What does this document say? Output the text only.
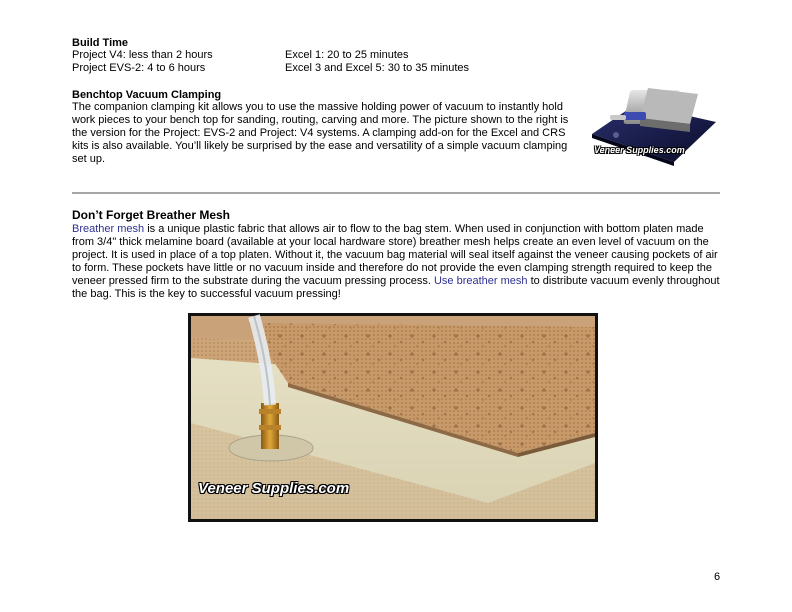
Build Time
Project V4: less than 2 hours	Excel 1: 20 to 25 minutes
Project EVS-2: 4 to 6 hours	Excel 3 and Excel 5: 30 to 35 minutes
Benchtop Vacuum Clamping
The companion clamping kit allows you to use the massive holding power of vacuum to instantly hold work pieces to your bench top for sanding, routing, carving and more. The picture shown to the right is the version for the Project: EVS-2 and Project: V4 systems. A clamping add-on for the Excel and CRS kits is also available. You’ll likely be surprised by the ease and versatility of a simple vacuum clamping set up.
Veneer Supplies.com
Don’t Forget Breather Mesh
Breather mesh is a unique plastic fabric that allows air to flow to the bag stem. When used in conjunction with bottom platen made from 3/4" thick melamine board (available at your local hardware store) breather mesh helps create an even level of vacuum on the project. It is used in place of a top platen. Without it, the vacuum bag material will seal itself against the veneer causing pockets of air to form. These pockets have little or no vacuum inside and therefore do not provide the even clamping strength required to keep the veneer pressed firm to the substrate during the vacuum pressing process. Use breather mesh to distribute vacuum evenly throughout the bag. This is the key to successful vacuum pressing!
Veneer Supplies.com
6
